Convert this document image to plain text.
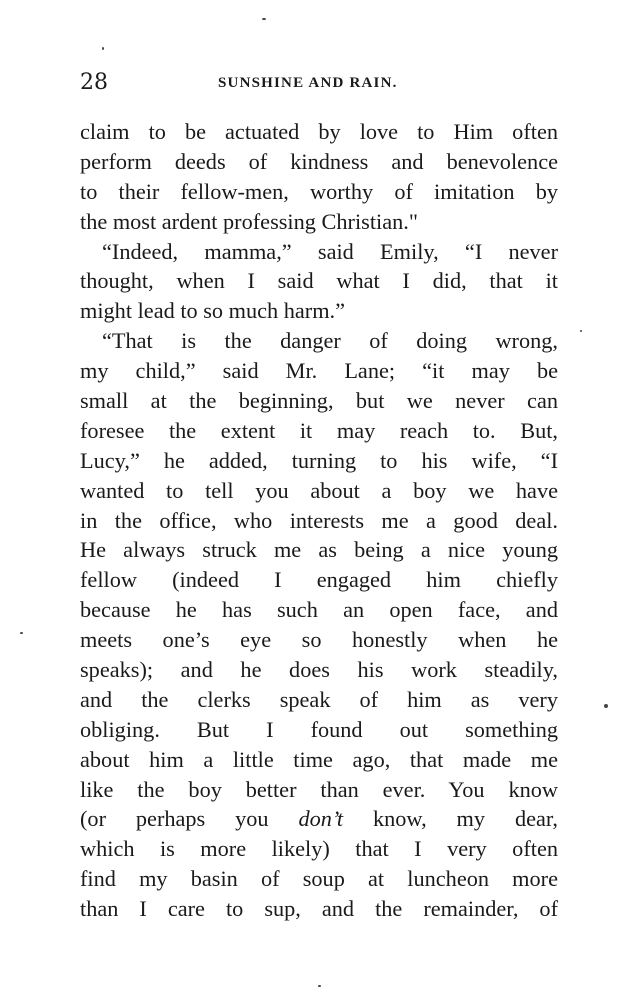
28	SUNSHINE AND RAIN.
claim to be actuated by love to Him often
perform deeds of kindness and benevolence
to their fellow-men, worthy of imitation by
the most ardent professing Christian."
“Indeed, mamma,” said Emily, “I never
thought, when I said what I did, that it
might lead to so much harm.”
“That is the danger of doing wrong,
my child,” said Mr. Lane; “it may be
small at the beginning, but we never can
foresee the extent it may reach to. But,
Lucy,” he added, turning to his wife, “I
wanted to tell you about a boy we have
in the office, who interests me a good deal.
He always struck me as being a nice young
fellow (indeed I engaged him chiefly
because he has such an open face, and
meets one’s eye so honestly when he
speaks); and he does his work steadily,
and the clerks speak of him as very
obliging. But I found out something
about him a little time ago, that made me
like the boy better than ever. You know
(or perhaps you don’t know, my dear,
which is more likely) that I very often
find my basin of soup at luncheon more
than I care to sup, and the remainder, of
